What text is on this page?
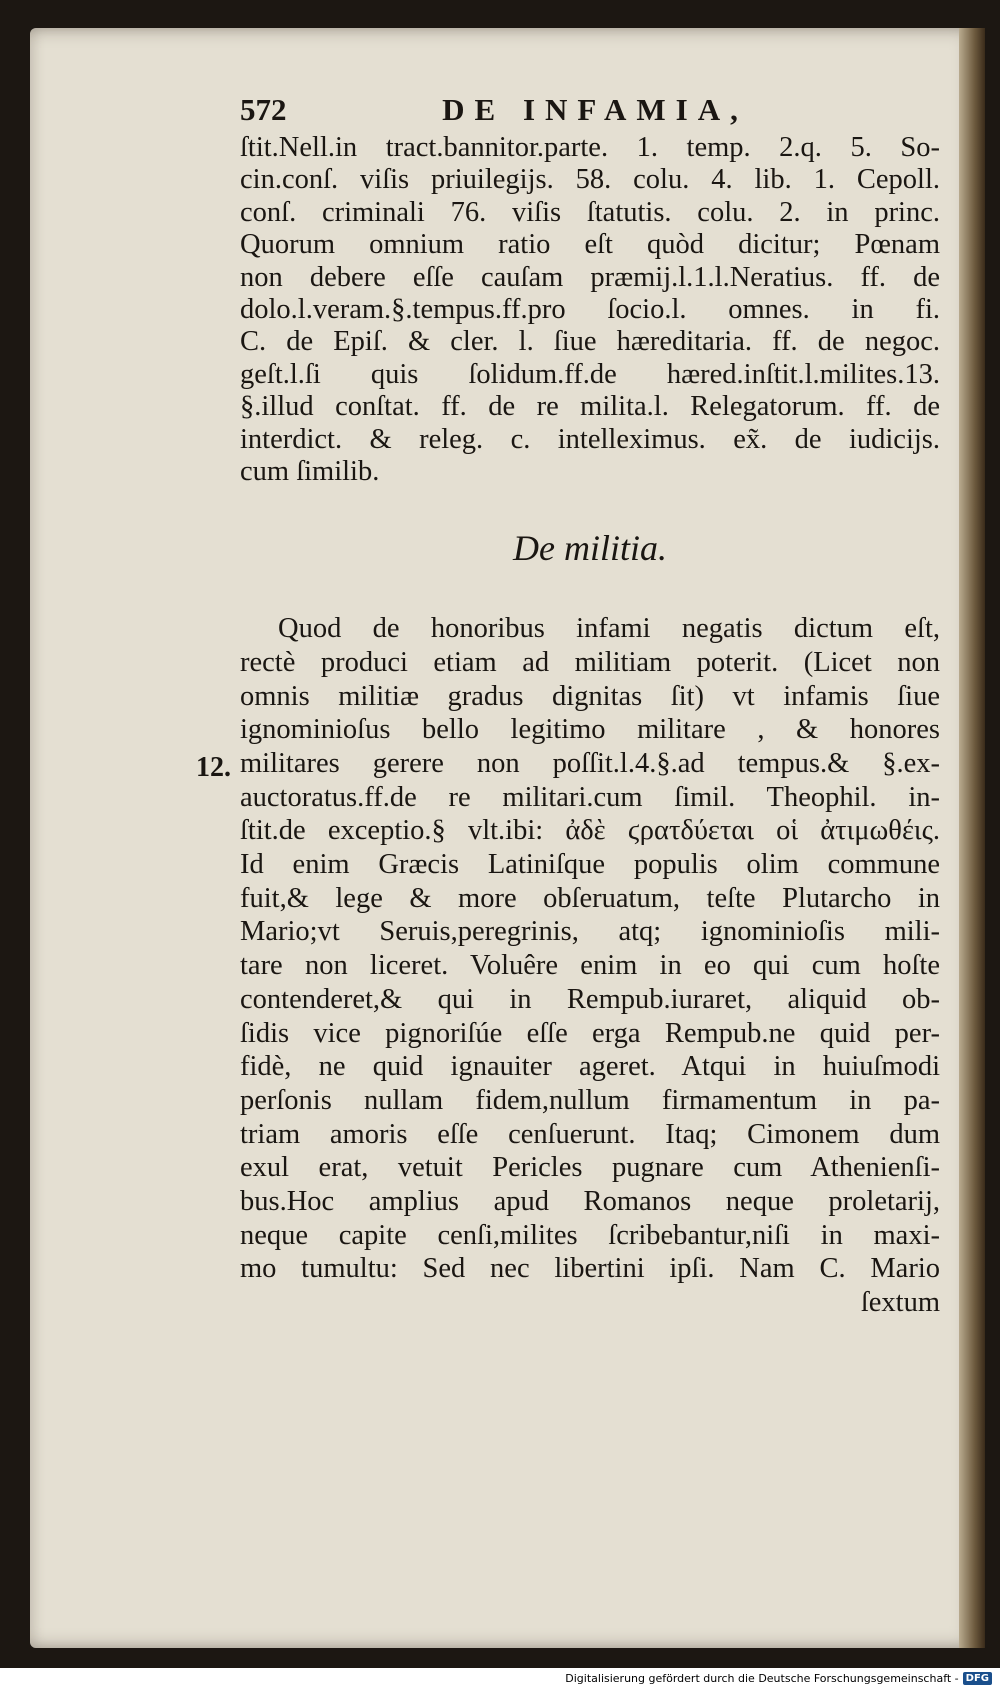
12.
572	DE INFAMIA,
ſtit.Nell.in tract.bannitor.parte. 1. temp. 2.q. 5. So-
cin.conſ. viſis priuilegijs. 58. colu. 4. lib. 1. Cepoll.
conſ. criminali 76. viſis ſtatutis. colu. 2. in princ.
Quorum omnium ratio eſt quòd dicitur; Pœnam
non debere eſſe cauſam præmij.l.1.l.Neratius. ff. de
dolo.l.veram.§.tempus.ff.pro ſocio.l. omnes. in fi.
C. de Epiſ. & cler. l. ſiue hæreditaria. ff. de negoc.
geſt.l.ſi quis ſolidum.ff.de hæred.inſtit.l.milites.13.
§.illud conſtat. ff. de re milita.l. Relegatorum. ff. de
interdict. & releg. c. intelleximus. ex̃. de iudicijs.
cum ſimilib.
De militia.
Quod de honoribus infami negatis dictum eſt,
rectè produci etiam ad militiam poterit. (Licet non
omnis militiæ gradus dignitas ſit) vt infamis ſiue
ignominioſus bello legitimo militare , & honores
militares gerere non poſſit.l.4.§.ad tempus.& §.ex-
auctoratus.ff.de re militari.cum ſimil. Theophil. in-
ſtit.de exceptio.§ vlt.ibi: ἀδὲ ϛρατδύεται οἱ ἀτιμωθέις.
Id enim Græcis Latiniſque populis olim commune
fuit,& lege & more obſeruatum, teſte Plutarcho in
Mario;vt Seruis,peregrinis, atq; ignominioſis mili-
tare non liceret. Voluêre enim in eo qui cum hoſte
contenderet,& qui in Rempub.iuraret, aliquid ob-
ſidis vice pignoriſúe eſſe erga Rempub.ne quid per-
fidè, ne quid ignauiter ageret. Atqui in huiuſmodi
perſonis nullam fidem,nullum firmamentum in pa-
triam amoris eſſe cenſuerunt. Itaq; Cimonem dum
exul erat, vetuit Pericles pugnare cum Athenienſi-
bus.Hoc amplius apud Romanos neque proletarij,
neque capite cenſi,milites ſcribebantur,niſi in maxi-
mo tumultu: Sed nec libertini ipſi. Nam C. Mario
ſextum
Digitalisierung gefördert durch die Deutsche Forschungsgemeinschaft - DFG
